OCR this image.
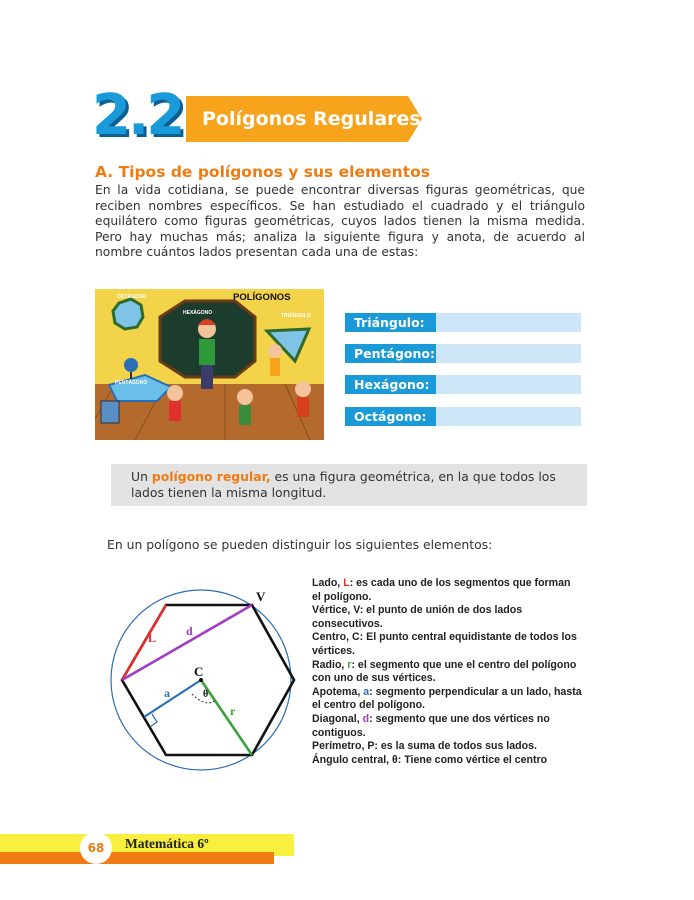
2.2 Polígonos Regulares
A. Tipos de polígonos y sus elementos

En la vida cotidiana, se puede encontrar diversas figuras geométricas, que reciben nombres específicos. Se han estudiado el cuadrado y el triángulo equilátero como figuras geométricas, cuyos lados tienen la misma medida. Pero hay muchas más; analiza la siguiente figura y anota, de acuerdo al nombre cuántos lados presentan cada una de estas:

POLÍGONOS
OCTÁGONO
HEXÁGONO	TRIÁNGULO
PENTÁGONO
Triángulo:
Pentágono:
Hexágono:
Octágono:
Un polígono regular, es una figura geométrica, en la que todos los lados tienen la misma longitud.
En un polígono se pueden distinguir los siguientes elementos:
V
C
L d
a
r
θ
Lado, L: es cada uno de los segmentos que forman el polígono.
Vértice, V: el punto de unión de dos lados consecutivos.
Centro, C: El punto central equidistante de todos los vértices.
Radio, r: el segmento que une el centro del polígono con uno de sus vértices.
Apotema, a: segmento perpendicular a un lado, hasta el centro del polígono.
Diagonal, d: segmento que une dos vértices no contiguos.
Perímetro, P: es la suma de todos sus lados.
Ángulo central, θ: Tiene como vértice el centro
68	Matemática 6º
